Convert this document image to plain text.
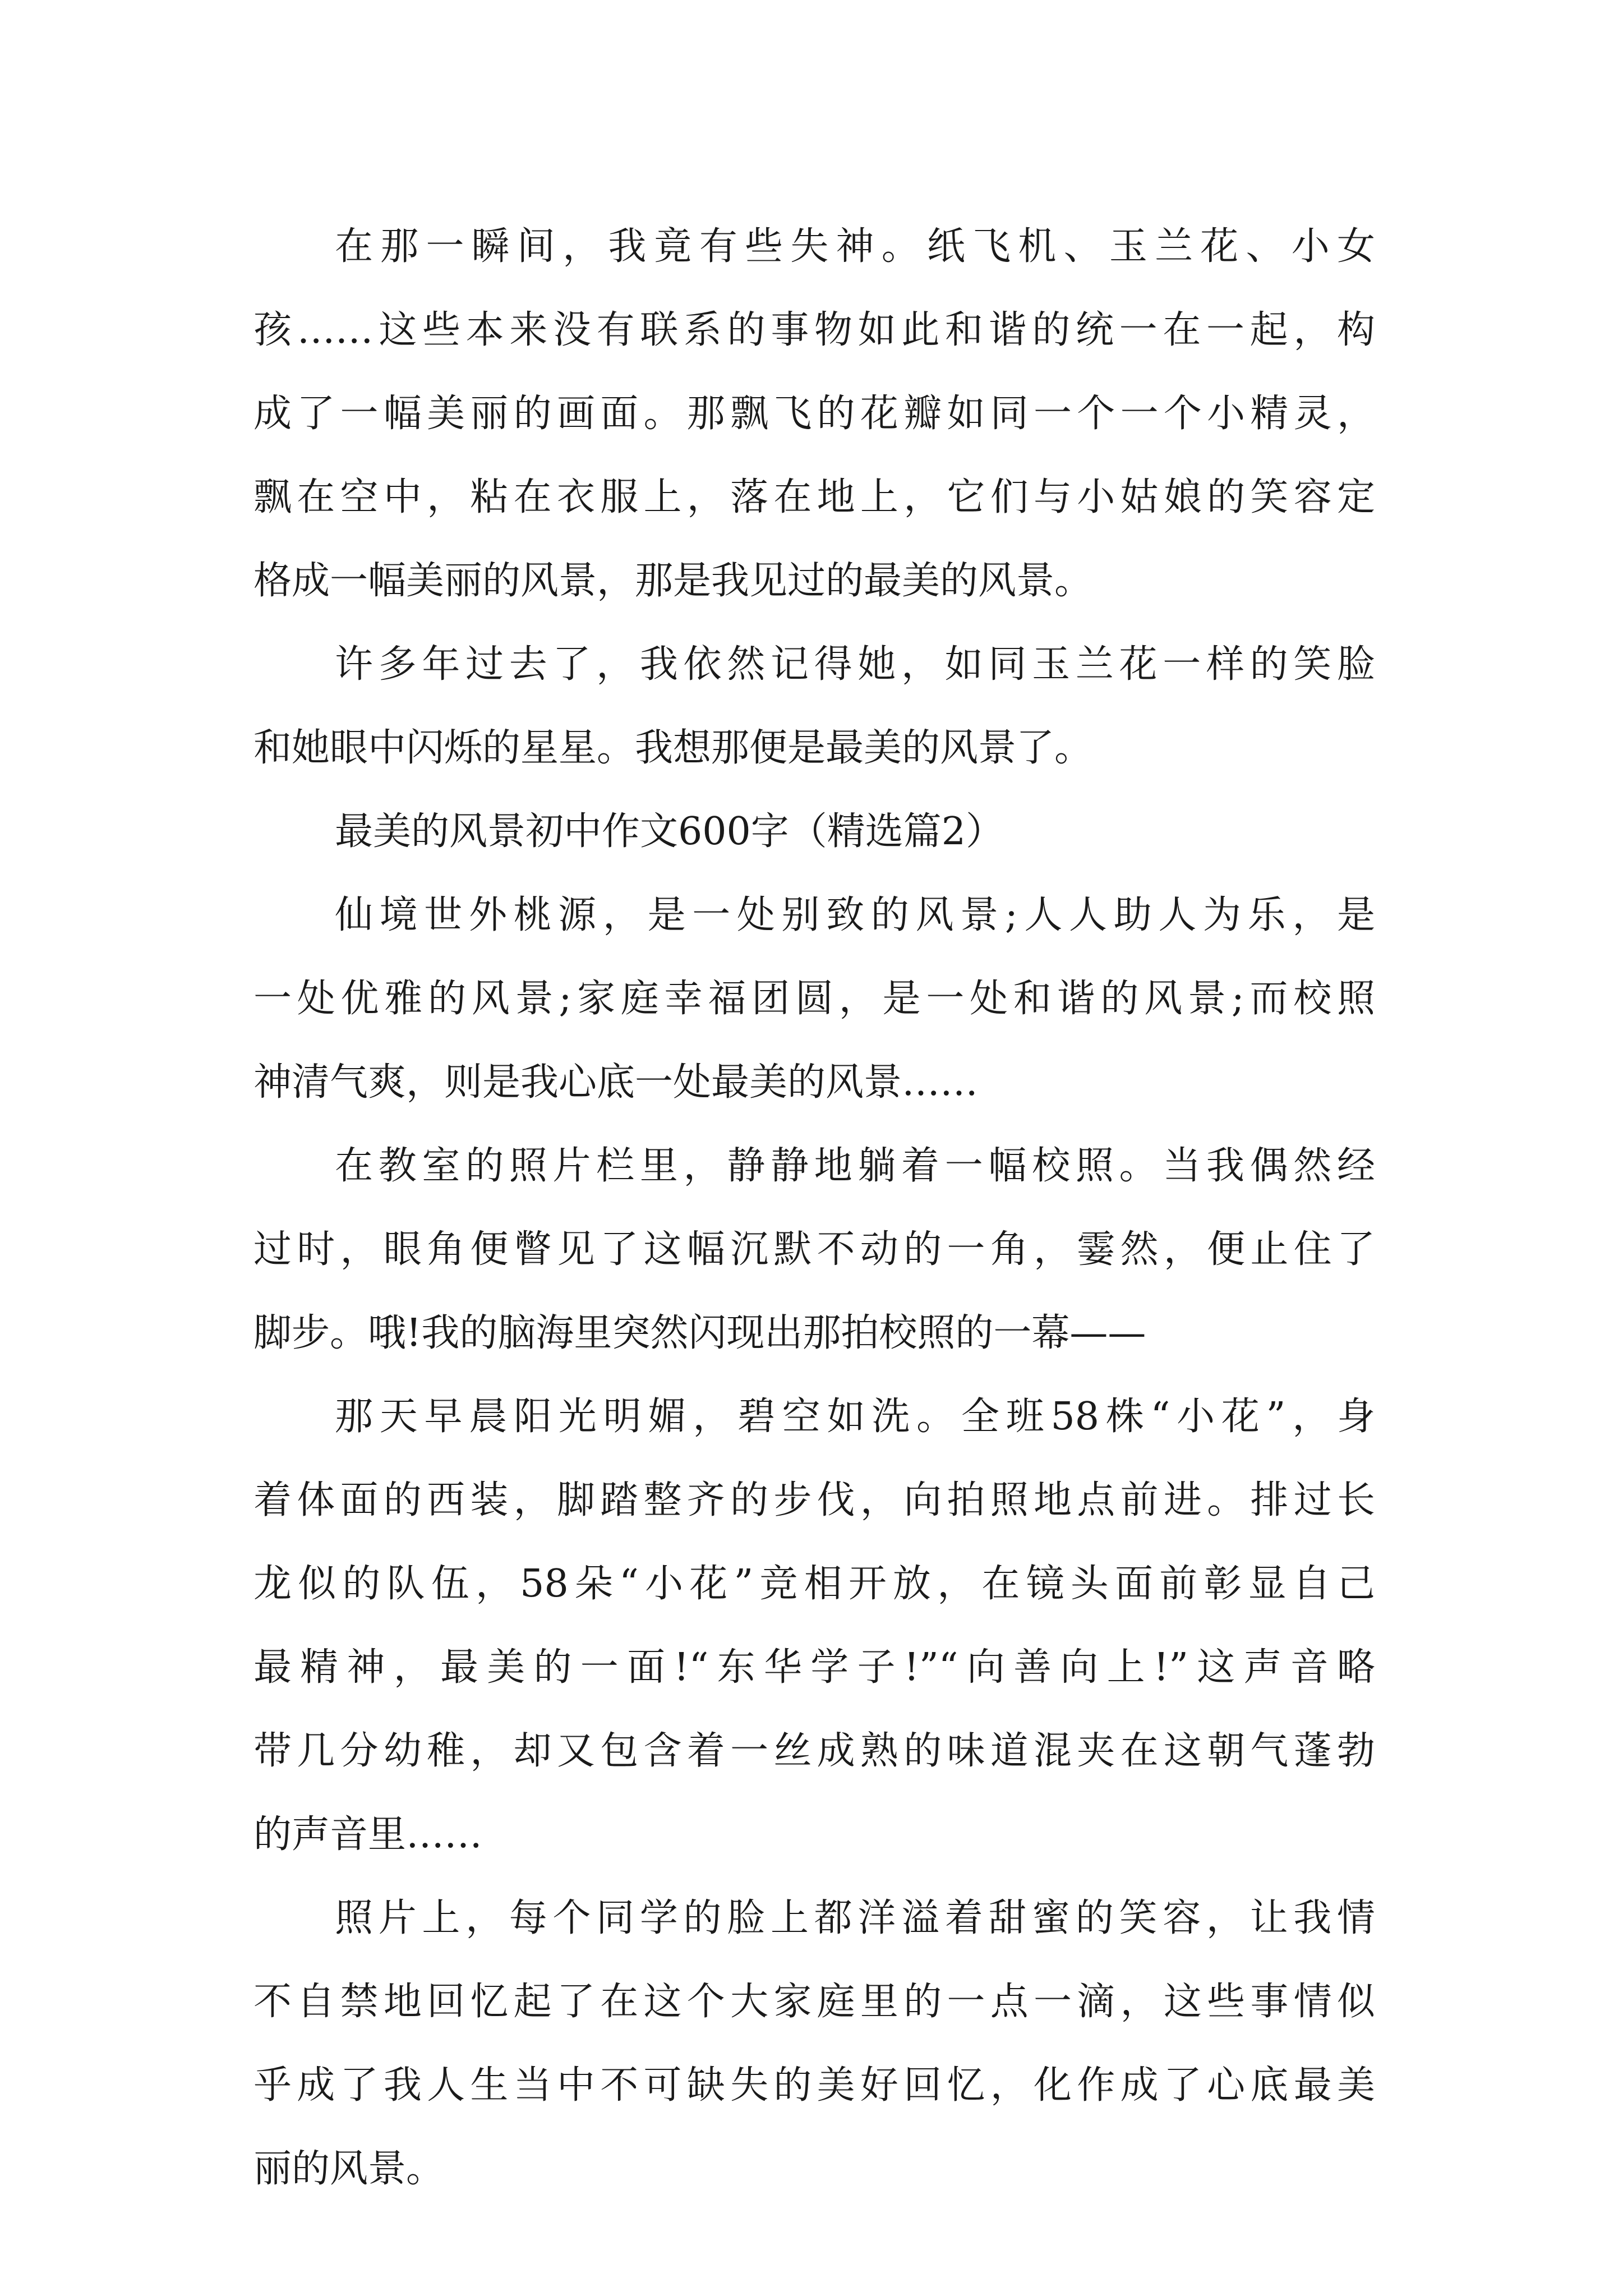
在那一瞬间，我竟有些失神。纸飞机、玉兰花、小女
孩……这些本来没有联系的事物如此和谐的统一在一起，构
成了一幅美丽的画面。那飘飞的花瓣如同一个一个小精灵，
飘在空中，粘在衣服上，落在地上，它们与小姑娘的笑容定
格成一幅美丽的风景，那是我见过的最美的风景。
许多年过去了，我依然记得她，如同玉兰花一样的笑脸
和她眼中闪烁的星星。我想那便是最美的风景了。
最美的风景初中作文600字（精选篇2）
仙境世外桃源，是一处别致的风景;人人助人为乐，是
一处优雅的风景;家庭幸福团圆，是一处和谐的风景;而校照
神清气爽，则是我心底一处最美的风景……
在教室的照片栏里，静静地躺着一幅校照。当我偶然经
过时，眼角便瞥见了这幅沉默不动的一角，霎然，便止住了
脚步。哦!我的脑海里突然闪现出那拍校照的一幕——
那天早晨阳光明媚，碧空如洗。全班58株“小花”，身
着体面的西装，脚踏整齐的步伐，向拍照地点前进。排过长
龙似的队伍，58朵“小花”竞相开放，在镜头面前彰显自己
最精神，最美的一面!“东华学子!”“向善向上!”这声音略
带几分幼稚，却又包含着一丝成熟的味道混夹在这朝气蓬勃
的声音里……
照片上，每个同学的脸上都洋溢着甜蜜的笑容，让我情
不自禁地回忆起了在这个大家庭里的一点一滴，这些事情似
乎成了我人生当中不可缺失的美好回忆，化作成了心底最美
丽的风景。
